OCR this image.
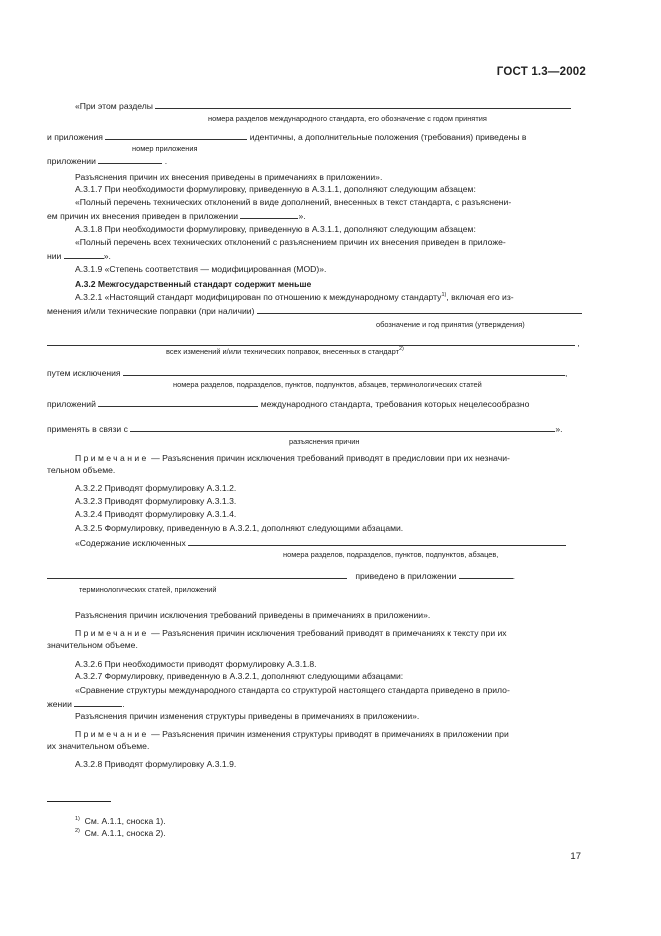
ГОСТ 1.3—2002
«При этом разделы
номера разделов международного стандарта, его обозначение с годом принятия
и приложения	идентичны, а дополнительные положения (требования) приведены в
номер приложения
приложении	.
Разъяснения причин их внесения приведены в примечаниях в приложении».
А.3.1.7 При необходимости формулировку, приведенную в А.3.1.1, дополняют следующим абзацем:
«Полный перечень технических отклонений в виде дополнений, внесенных в текст стандарта, с разъяснени-
ем причин их внесения приведен в приложении	».
А.3.1.8 При необходимости формулировку, приведенную в А.3.1.1, дополняют следующим абзацем:
«Полный перечень всех технических отклонений с разъяснением причин их внесения приведен в приложе-
нии	».
А.3.1.9 «Степень соответствия — модифицированная (MOD)».
А.3.2 Межгосударственный стандарт содержит меньше
А.3.2.1 «Настоящий стандарт модифицирован по отношению к международному стандарту$^{1)}$, включая его из-
менения и/или технические поправки (при наличии)
обозначение и год принятия (утверждения)
,
всех изменений и/или технических поправок, внесенных в стандарт$^{2)}$
путем исключения	,
номера разделов, подразделов, пунктов, подпунктов, абзацев, терминологических статей
приложений	международного стандарта, требования которых нецелесообразно
применять в связи с	».
разъяснения причин
Примечание — Разъяснения причин исключения требований приводят в предисловии при их незначи-
тельном объеме.
А.3.2.2 Приводят формулировку А.3.1.2.
А.3.2.3 Приводят формулировку А.3.1.3.
А.3.2.4 Приводят формулировку А.3.1.4.
А.3.2.5 Формулировку, приведенную в А.3.2.1, дополняют следующими абзацами.
«Содержание исключенных
номера разделов, подразделов, пунктов, подпунктов, абзацев,
приведено в приложении	.
терминологических статей, приложений
Разъяснения причин исключения требований приведены в примечаниях в приложении».
Примечание — Разъяснения причин исключения требований приводят в примечаниях к тексту при их
значительном объеме.
А.3.2.6 При необходимости приводят формулировку А.3.1.8.
А.3.2.7 Формулировку, приведенную в А.3.2.1, дополняют следующими абзацами:
«Сравнение структуры международного стандарта со структурой настоящего стандарта приведено в прило-
жении	.
Разъяснения причин изменения структуры приведены в примечаниях в приложении».
Примечание — Разъяснения причин изменения структуры приводят в примечаниях в приложении при
их значительном объеме.
А.3.2.8 Приводят формулировку А.3.1.9.
$^{1)}$ См. А.1.1, сноска 1).
$^{2)}$ См. А.1.1, сноска 2).
17
